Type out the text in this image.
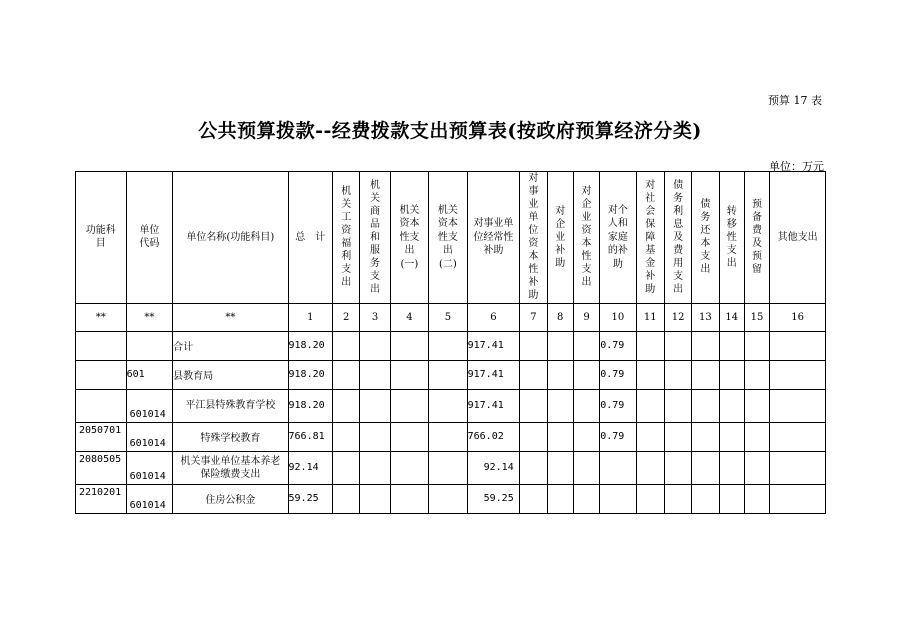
预算 17 表
公共预算拨款--经费拨款支出预算表(按政府预算经济分类)
单位：万元
功能科目	单位代码	单位名称(功能科目)	总　计	机关工资福利支出	机关商品和服务支出	机关资本性支出(一)	机关资本性支出(二)	对事业单位经常性补助	对事业单位资本性补助	对企业补助	对企业资本性支出	对个人和家庭的补助	对社会保障基金补助	债务利息及费用支出	债务还本支出	转移性支出	预备费及预留	其他支出
**	**	**	1	2	3	4	5	6	7	8	9	10	11	12	13	14	15	16
		合计	918.20					917.41				0.79						
	601	县教育局	918.20					917.41				0.79						

	601014	平江县特殊教育学校	918.20					917.41				0.79						

2050701	601014	特殊学校教育	766.81					766.02				0.79						

2080505	601014	机关事业单位基本养老保险缴费支出	92.14					92.14										

2210201	601014	住房公积金	59.25					59.25										
